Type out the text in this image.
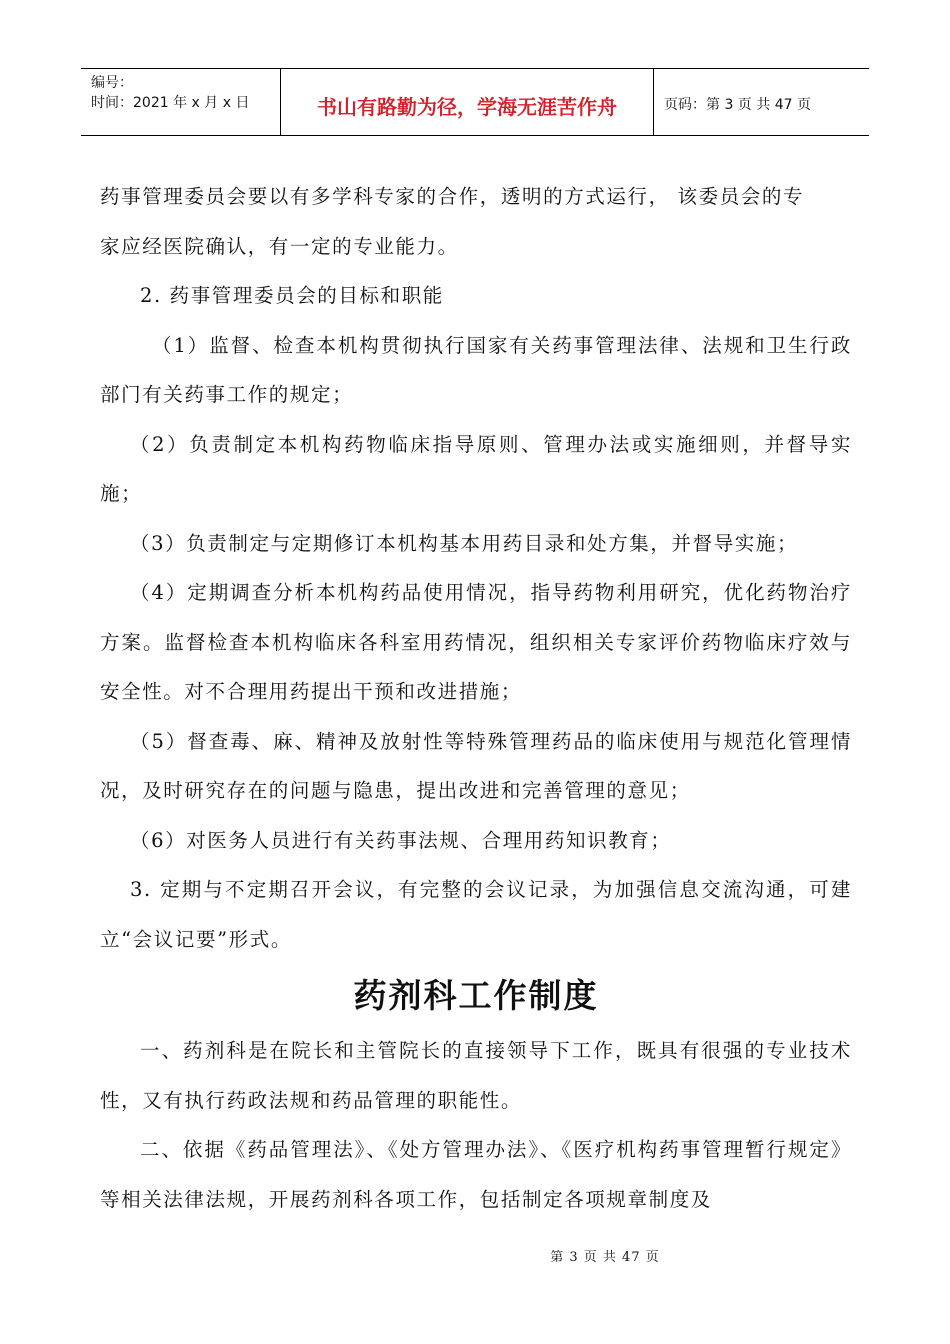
编号：
时间：2021 年 x 月 x 日	书山有路勤为径，学海无涯苦作舟	页码：第 3 页 共 47 页

药事管理委员会要以有多学科专家的合作，透明的方式运行， 该委员会的专

家应经医院确认，有一定的专业能力。

2. 药事管理委员会的目标和职能

（1）监督、检查本机构贯彻执行国家有关药事管理法律、法规和卫生行政部门有关药事工作的规定；

（2）负责制定本机构药物临床指导原则、管理办法或实施细则，并督导实施；

（3）负责制定与定期修订本机构基本用药目录和处方集，并督导实施；

（4）定期调查分析本机构药品使用情况，指导药物利用研究，优化药物治疗方案。监督检查本机构临床各科室用药情况，组织相关专家评价药物临床疗效与安全性。对不合理用药提出干预和改进措施；

（5）督查毒、麻、精神及放射性等特殊管理药品的临床使用与规范化管理情况，及时研究存在的问题与隐患，提出改进和完善管理的意见；

（6）对医务人员进行有关药事法规、合理用药知识教育；

3. 定期与不定期召开会议，有完整的会议记录，为加强信息交流沟通，可建立“会议记要”形式。

药剂科工作制度

一、药剂科是在院长和主管院长的直接领导下工作，既具有很强的专业技术性，又有执行药政法规和药品管理的职能性。

二、依据《药品管理法》、《处方管理办法》、《医疗机构药事管理暂行规定》等相关法律法规，开展药剂科各项工作，包括制定各项规章制度及

第 3 页 共 47 页
